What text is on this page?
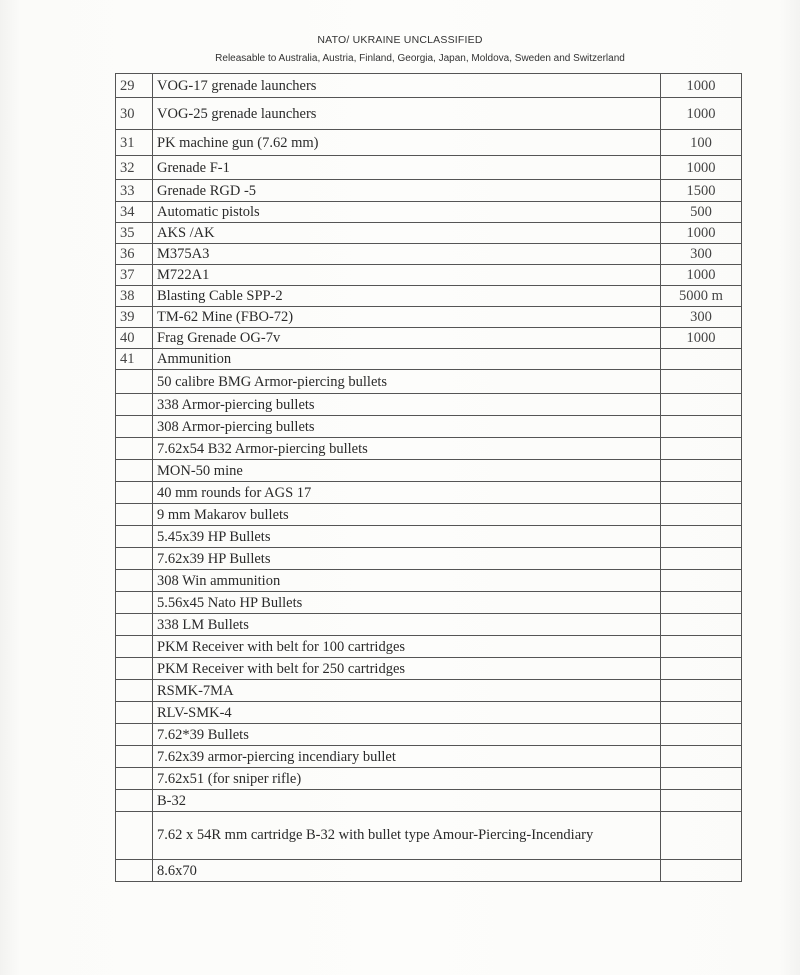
NATO/ UKRAINE UNCLASSIFIED
Releasable to Australia, Austria, Finland, Georgia, Japan, Moldova, Sweden and Switzerland
29	VOG-17 grenade launchers	1000
30	VOG-25 grenade launchers	1000
31	PK machine gun (7.62 mm)	100
32	Grenade F-1	1000
33	Grenade RGD -5	1500
34	Automatic pistols	500
35	AKS /AK	1000
36	M375A3	300
37	M722A1	1000
38	Blasting Cable SPP-2	5000 m
39	TM-62 Mine (FBO-72)	300
40	Frag Grenade OG-7v	1000
41	Ammunition	
	50 calibre BMG Armor-piercing bullets	
	338 Armor-piercing bullets	
	308 Armor-piercing bullets	
	7.62x54 B32 Armor-piercing bullets	
	MON-50 mine	
	40 mm rounds for AGS 17	
	9 mm Makarov bullets	
	5.45x39 HP Bullets	
	7.62x39 HP Bullets	
	308 Win ammunition	
	5.56x45 Nato HP Bullets	
	338 LM Bullets	
	PKM Receiver with belt for 100 cartridges	
	PKM Receiver with belt for 250 cartridges	
	RSMK-7MA	
	RLV-SMK-4	
	7.62*39 Bullets	
	7.62x39 armor-piercing incendiary bullet	
	7.62x51 (for sniper rifle)	
	B-32	
	7.62 x 54R mm cartridge B-32 with bullet type Amour-Piercing-Incendiary	
	8.6x70	
